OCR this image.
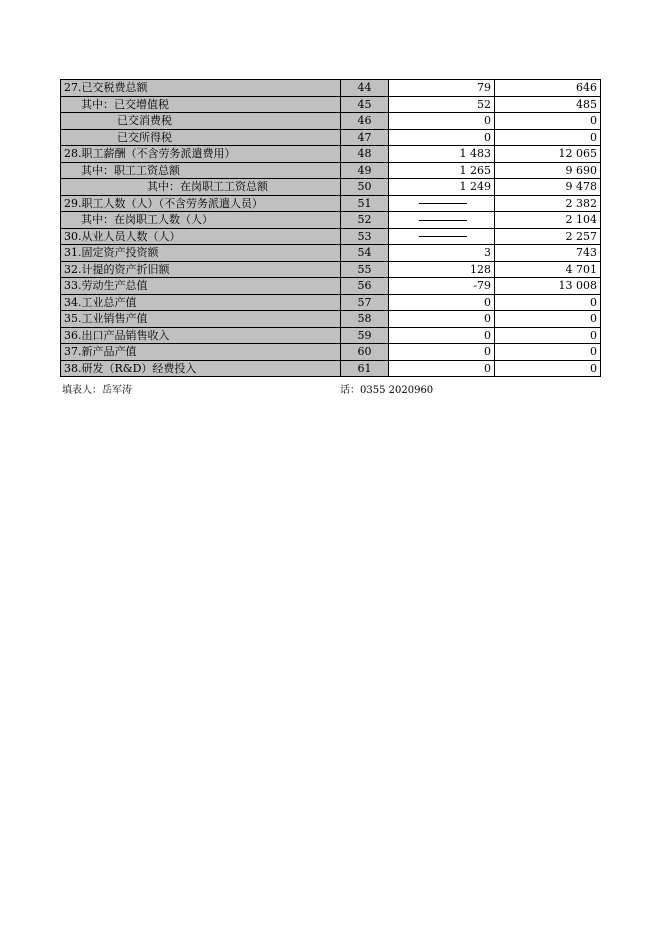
27.已交税费总额	44	79	646
其中：已交增值税	45	52	485
已交消费税	46	0	0
已交所得税	47	0	0
28.职工薪酬（不含劳务派遣费用）	48	1 483	12 065
其中：职工工资总额	49	1 265	9 690
其中：在岗职工工资总额	50	1 249	9 478
29.职工人数（人）（不含劳务派遣人员）	51		2 382
其中：在岗职工人数（人）	52		2 104
30.从业人员人数（人）	53		2 257
31.固定资产投资额	54	3	743
32.计提的资产折旧额	55	128	4 701
33.劳动生产总值	56	-79	13 008
34.工业总产值	57	0	0
35.工业销售产值	58	0	0
36.出口产品销售收入	59	0	0
37.新产品产值	60	0	0
38.研发（R&D）经费投入	61	0	0
填表人：岳军涛	话：0355 2020960
